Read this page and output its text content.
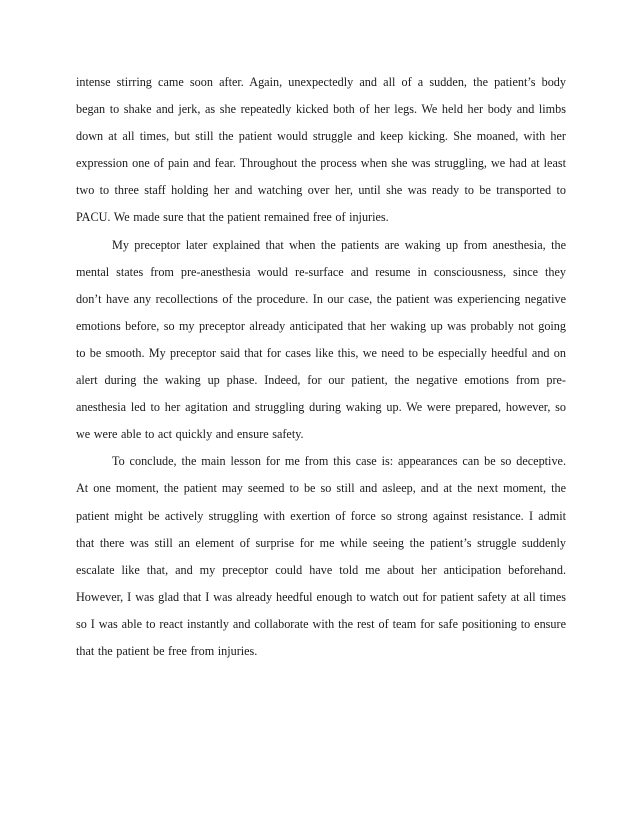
intense stirring came soon after. Again, unexpectedly and all of a sudden, the patient’s body
began to shake and jerk, as she repeatedly kicked both of her legs. We held her body and limbs
down at all times, but still the patient would struggle and keep kicking. She moaned, with her
expression one of pain and fear. Throughout the process when she was struggling, we had at least
two to three staff holding her and watching over her, until she was ready to be transported to
PACU. We made sure that the patient remained free of injuries.
My preceptor later explained that when the patients are waking up from anesthesia, the
mental states from pre-anesthesia would re-surface and resume in consciousness, since they
don’t have any recollections of the procedure. In our case, the patient was experiencing negative
emotions before, so my preceptor already anticipated that her waking up was probably not going
to be smooth. My preceptor said that for cases like this, we need to be especially heedful and on
alert during the waking up phase. Indeed, for our patient, the negative emotions from pre-
anesthesia led to her agitation and struggling during waking up. We were prepared, however, so
we were able to act quickly and ensure safety.
To conclude, the main lesson for me from this case is: appearances can be so deceptive.
At one moment, the patient may seemed to be so still and asleep, and at the next moment, the
patient might be actively struggling with exertion of force so strong against resistance. I admit
that there was still an element of surprise for me while seeing the patient’s struggle suddenly
escalate like that, and my preceptor could have told me about her anticipation beforehand.
However, I was glad that I was already heedful enough to watch out for patient safety at all times
so I was able to react instantly and collaborate with the rest of team for safe positioning to ensure
that the patient be free from injuries.
